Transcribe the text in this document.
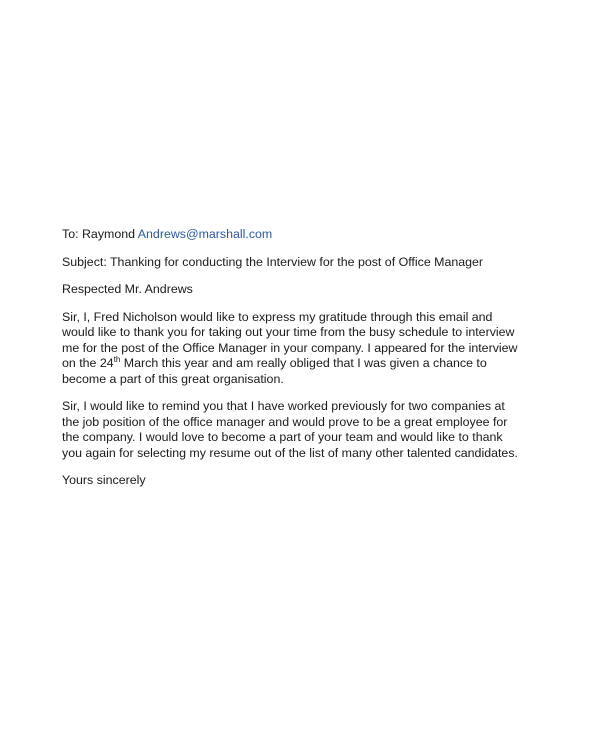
To: Raymond Andrews@marshall.com
Subject: Thanking for conducting the Interview for the post of Office Manager
Respected Mr. Andrews
Sir, I, Fred Nicholson would like to express my gratitude through this email and
would like to thank you for taking out your time from the busy schedule to interview
me for the post of the Office Manager in your company. I appeared for the interview
on the 24th March this year and am really obliged that I was given a chance to
become a part of this great organisation.
Sir, I would like to remind you that I have worked previously for two companies at
the job position of the office manager and would prove to be a great employee for
the company. I would love to become a part of your team and would like to thank
you again for selecting my resume out of the list of many other talented candidates.
Yours sincerely
